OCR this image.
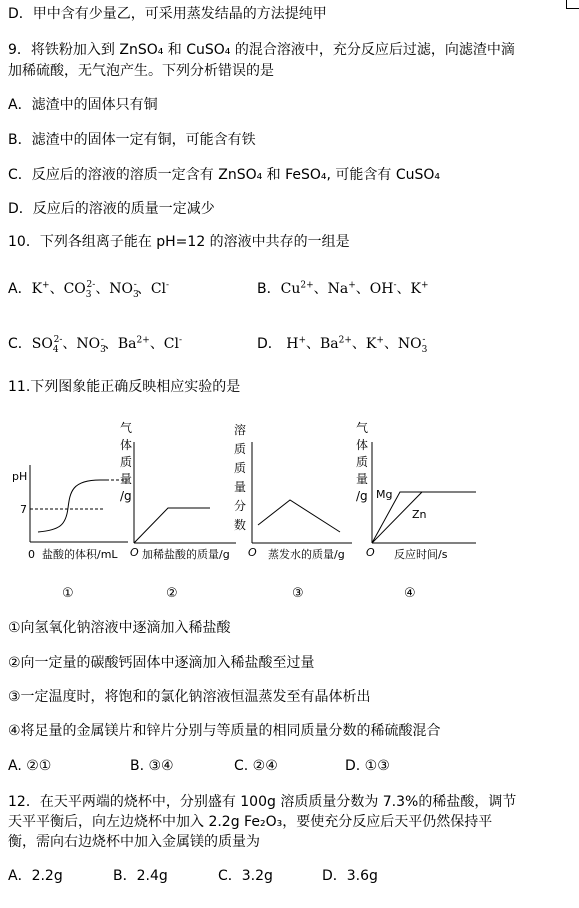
D．甲中含有少量乙，可采用蒸发结晶的方法提纯甲
9．将铁粉加入到 ZnSO₄ 和 CuSO₄ 的混合溶液中，充分反应后过滤，向滤渣中滴
加稀硫酸，无气泡产生。下列分析错误的是
A．滤渣中的固体只有铜
B．滤渣中的固体一定有铜，可能含有铁
C．反应后的溶液的溶质一定含有 ZnSO₄ 和 FeSO₄, 可能含有 CuSO₄
D．反应后的溶液的质量一定减少
10．下列各组离子能在 pH=12 的溶液中共存的一组是
A．K+、$CO_3^{2-}$、$NO_3^-$、Cl-	B．$Cu^{2+}$、Na+、OH-、K+
C．$SO_4^{2-}$、$NO_3^-$、$Ba^{2+}$、Cl-	D． H+、$Ba^{2+}$、K+、$NO_3^-$
11.下列图象能正确反映相应实验的是
pH
7
0 盐酸的体积/mL
①
气
体
质
量
/g
O 加稀盐酸的质量/g
②
溶
质
质
量
分
数
O 蒸发水的质量/g
③
气
体
质
量
/g Mg
Zn
O 反应时间/s
④
①向氢氧化钠溶液中逐滴加入稀盐酸
②向一定量的碳酸钙固体中逐滴加入稀盐酸至过量
③一定温度时，将饱和的氯化钠溶液恒温蒸发至有晶体析出
④将足量的金属镁片和锌片分别与等质量的相同质量分数的稀硫酸混合
A. ②①	B. ③④	C. ②④	D. ①③
12．在天平两端的烧杯中，分别盛有 100g 溶质质量分数为 7.3%的稀盐酸，调节
天平平衡后，向左边烧杯中加入 2.2g Fe₂O₃，要使充分反应后天平仍然保持平
衡，需向右边烧杯中加入金属镁的质量为
A．2.2g	B．2.4g	C．3.2g	D．3.6g
